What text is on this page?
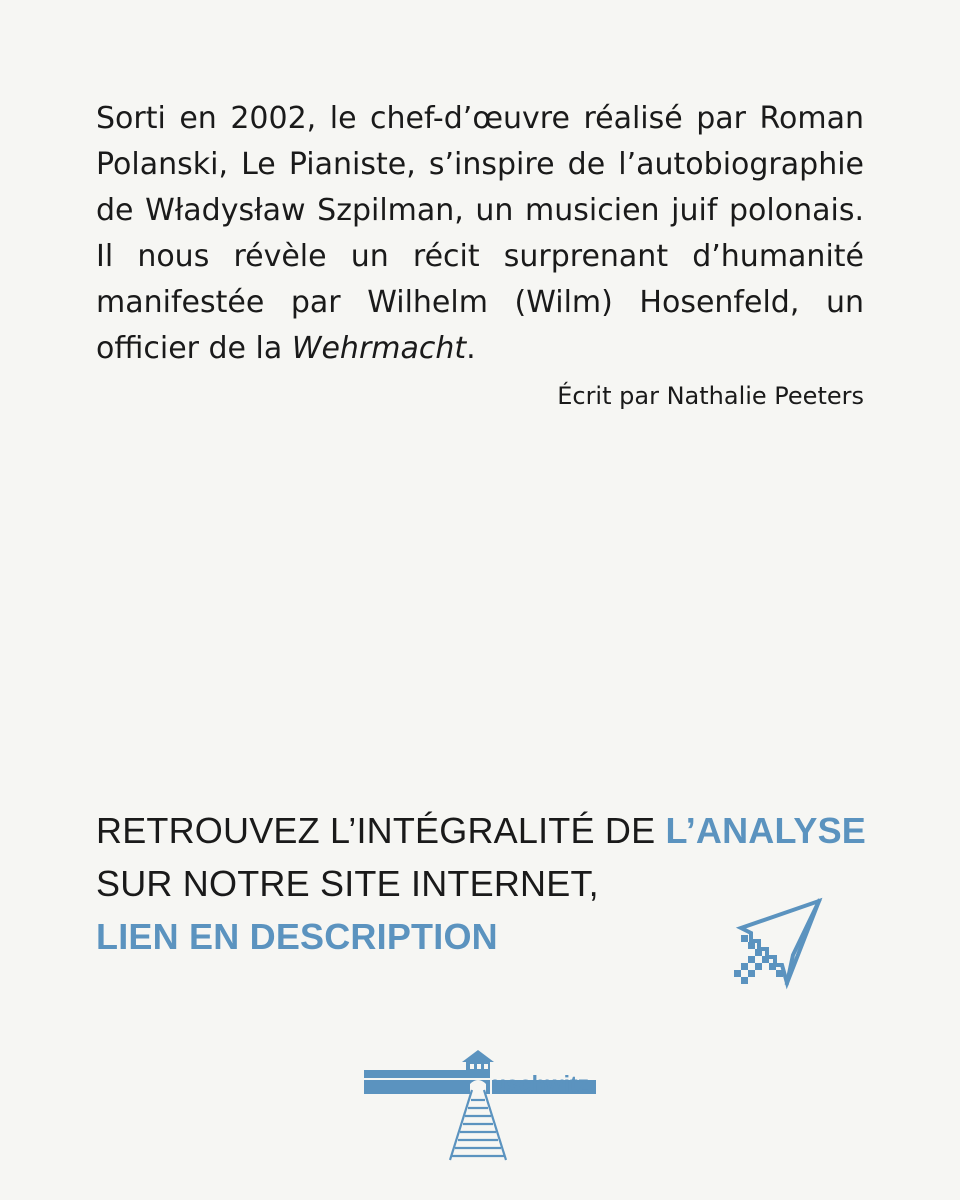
Sorti en 2002, le chef-d’œuvre réalisé par Roman Polanski, Le Pianiste, s’inspire de l’autobiographie de Władysław Szpilman, un musicien juif polonais. Il nous révèle un récit surprenant d’humanité manifestée par Wilhelm (Wilm) Hosenfeld, un officier de la Wehrmacht.

Écrit par Nathalie Peeters

RETROUVEZ L’INTÉGRALITÉ DE L’ANALYSE
SUR NOTRE SITE INTERNET,
LIEN EN DESCRIPTION

uschwitz
